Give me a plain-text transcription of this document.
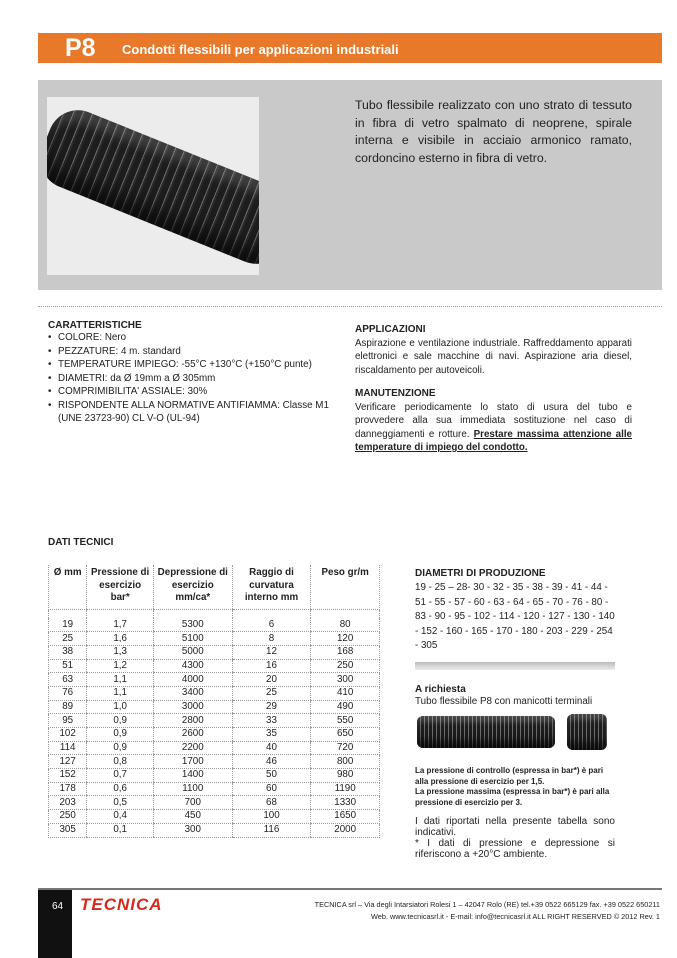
P8 Condotti flessibili per applicazioni industriali
Tubo flessibile realizzato con uno strato di tessuto in fibra di vetro spalmato di neoprene, spirale interna e visibile in acciaio armonico ramato, cordoncino esterno in fibra di vetro.
CARATTERISTICHE
• COLORE: Nero
• PEZZATURE: 4 m. standard
• TEMPERATURE IMPIEGO: -55°C +130°C (+150°C punte)
• DIAMETRI: da Ø 19mm a Ø 305mm
• COMPRIMIBILITA' ASSIALE: 30%
• RISPONDENTE ALLA NORMATIVE ANTIFIAMMA: Classe M1 (UNE 23723-90) CL V-O (UL-94)
APPLICAZIONI
Aspirazione e ventilazione industriale. Raffreddamento apparati elettronici e sale macchine di navi. Aspirazione aria diesel, riscaldamento per autoveicoli.
MANUTENZIONE
Verificare periodicamente lo stato di usura del tubo e provvedere alla sua immediata sostituzione nel caso di danneggiamenti e rotture. Prestare massima attenzione alle temperature di impiego del condotto.
DATI TECNICI
Ø mm	Pressione di esercizio bar*	Depressione di esercizio mm/ca*	Raggio di curvatura interno mm	Peso gr/m

19	1,7	5300	6	80
25	1,6	5100	8	120
38	1,3	5000	12	168
51	1,2	4300	16	250
63	1,1	4000	20	300
76	1,1	3400	25	410
89	1,0	3000	29	490
95	0,9	2800	33	550
102	0,9	2600	35	650
114	0,9	2200	40	720
127	0,8	1700	46	800
152	0,7	1400	50	980
178	0,6	1100	60	1190
203	0,5	700	68	1330
250	0,4	450	100	1650
305	0,1	300	116	2000
DIAMETRI DI PRODUZIONE
19 - 25 – 28- 30 - 32 - 35 - 38 - 39 - 41 - 44 - 51 - 55 - 57 - 60 - 63 - 64 - 65 - 70 - 76 - 80 - 83 - 90 - 95 - 102 - 114 - 120 - 127 - 130 - 140 - 152 - 160 - 165 - 170 - 180 - 203 - 229 - 254 - 305
A richiesta
Tubo flessibile P8 con manicotti terminali
La pressione di controllo (espressa in bar*) è pari alla pressione di esercizio per 1,5.
La pressione massima (espressa in bar*) è pari alla pressione di esercizio per 3.
I dati riportati nella presente tabella sono indicativi.
* I dati di pressione e depressione si riferiscono a +20°C ambiente.
64 TECNICA	TECNICA srl – Via degli Intarsiatori Rolesi 1 – 42047 Rolo (RE) tel.+39 0522 665129 fax. +39 0522 650211
Web. www.tecnicasrl.it - E-mail: info@tecnicasrl.it ALL RIGHT RESERVED © 2012 Rev. 1
